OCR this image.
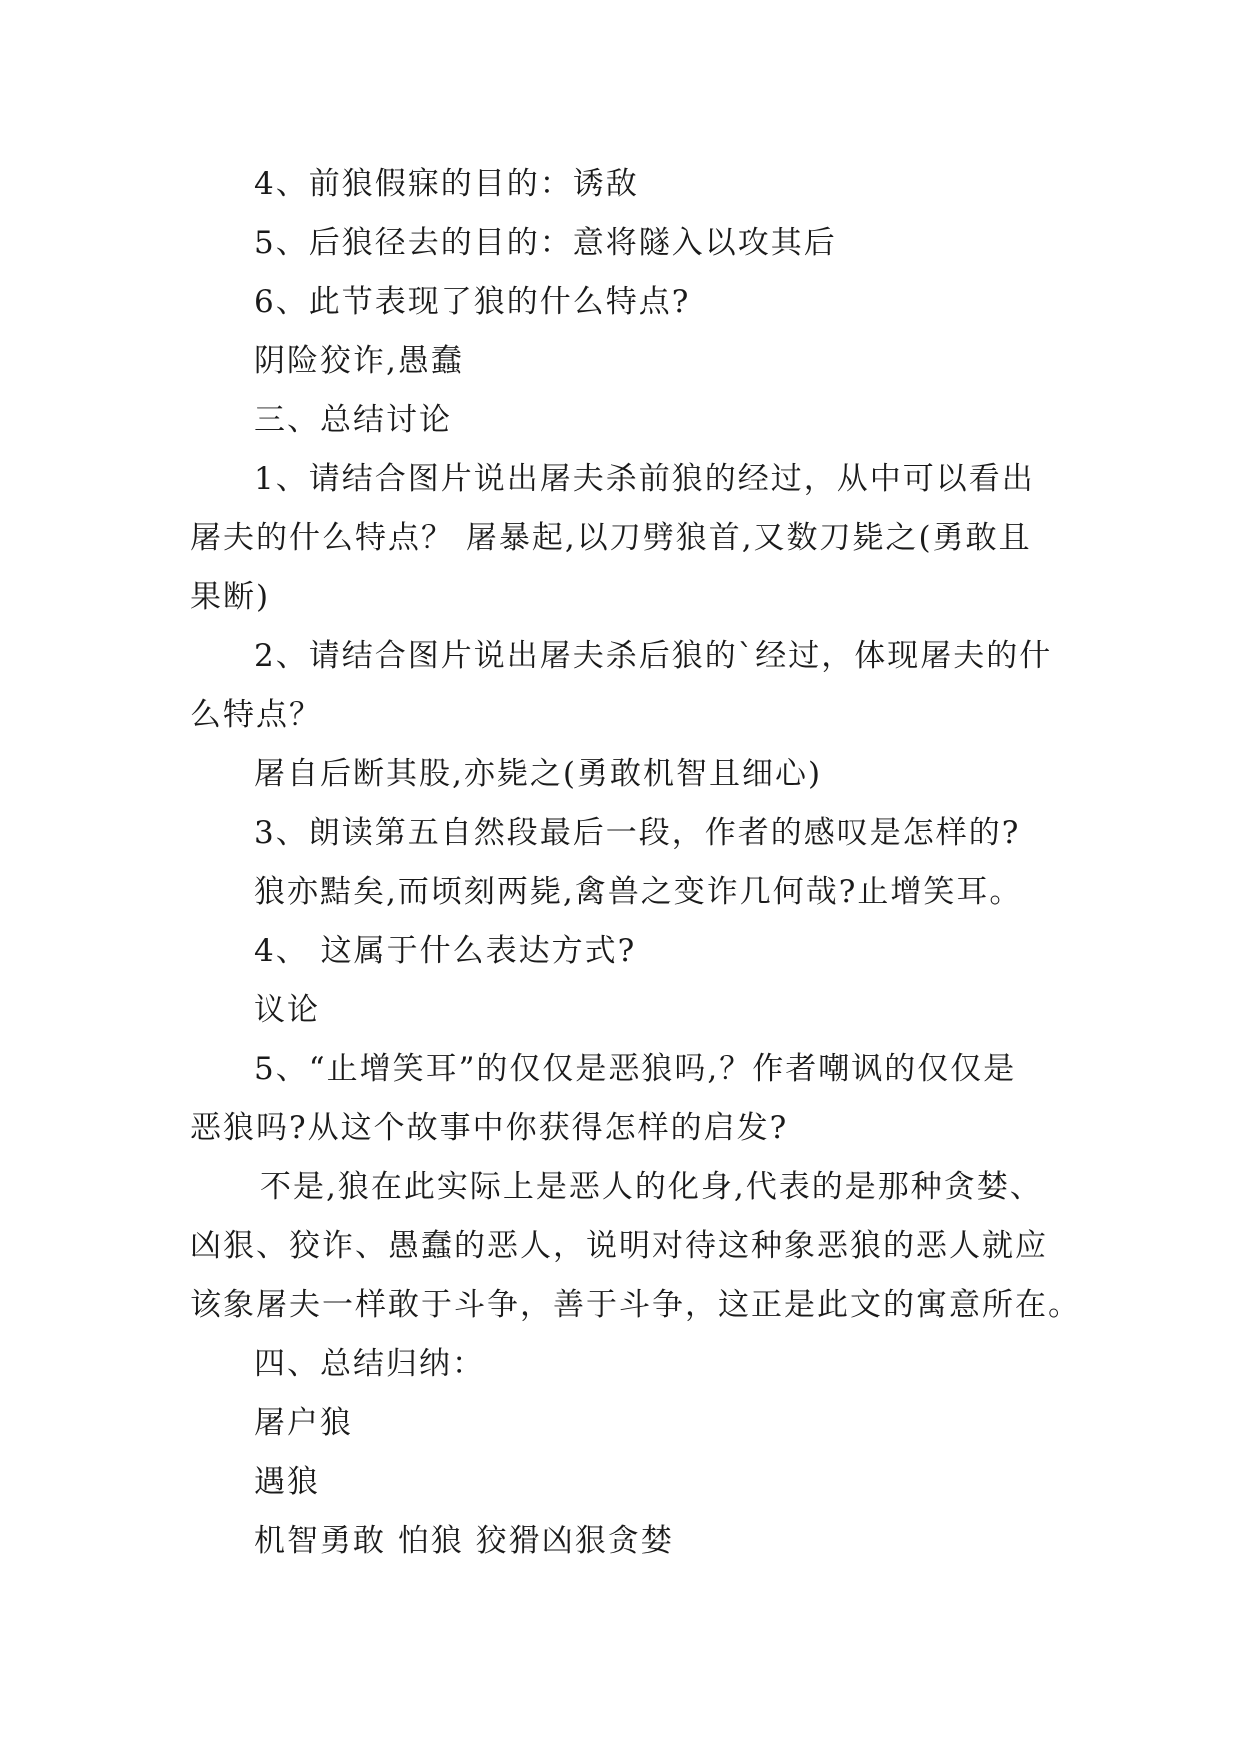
4、前狼假寐的目的：诱敌

5、后狼径去的目的：意将隧入以攻其后

6、此节表现了狼的什么特点?

阴险狡诈,愚蠢

三、总结讨论

1、请结合图片说出屠夫杀前狼的经过，从中可以看出

屠夫的什么特点？ 屠暴起,以刀劈狼首,又数刀毙之(勇敢且

果断)

2、请结合图片说出屠夫杀后狼的`经过，体现屠夫的什

么特点？

屠自后断其股,亦毙之(勇敢机智且细心)

3、朗读第五自然段最后一段，作者的感叹是怎样的?

狼亦黠矣,而顷刻两毙,禽兽之变诈几何哉?止增笑耳。

4、 这属于什么表达方式?

议论

5、“止增笑耳”的仅仅是恶狼吗,？作者嘲讽的仅仅是

恶狼吗?从这个故事中你获得怎样的启发?

不是,狼在此实际上是恶人的化身,代表的是那种贪婪、

凶狠、狡诈、愚蠢的恶人，说明对待这种象恶狼的恶人就应

该象屠夫一样敢于斗争，善于斗争，这正是此文的寓意所在。

四、总结归纳：

屠户狼

遇狼

机智勇敢 怕狼 狡猾凶狠贪婪
